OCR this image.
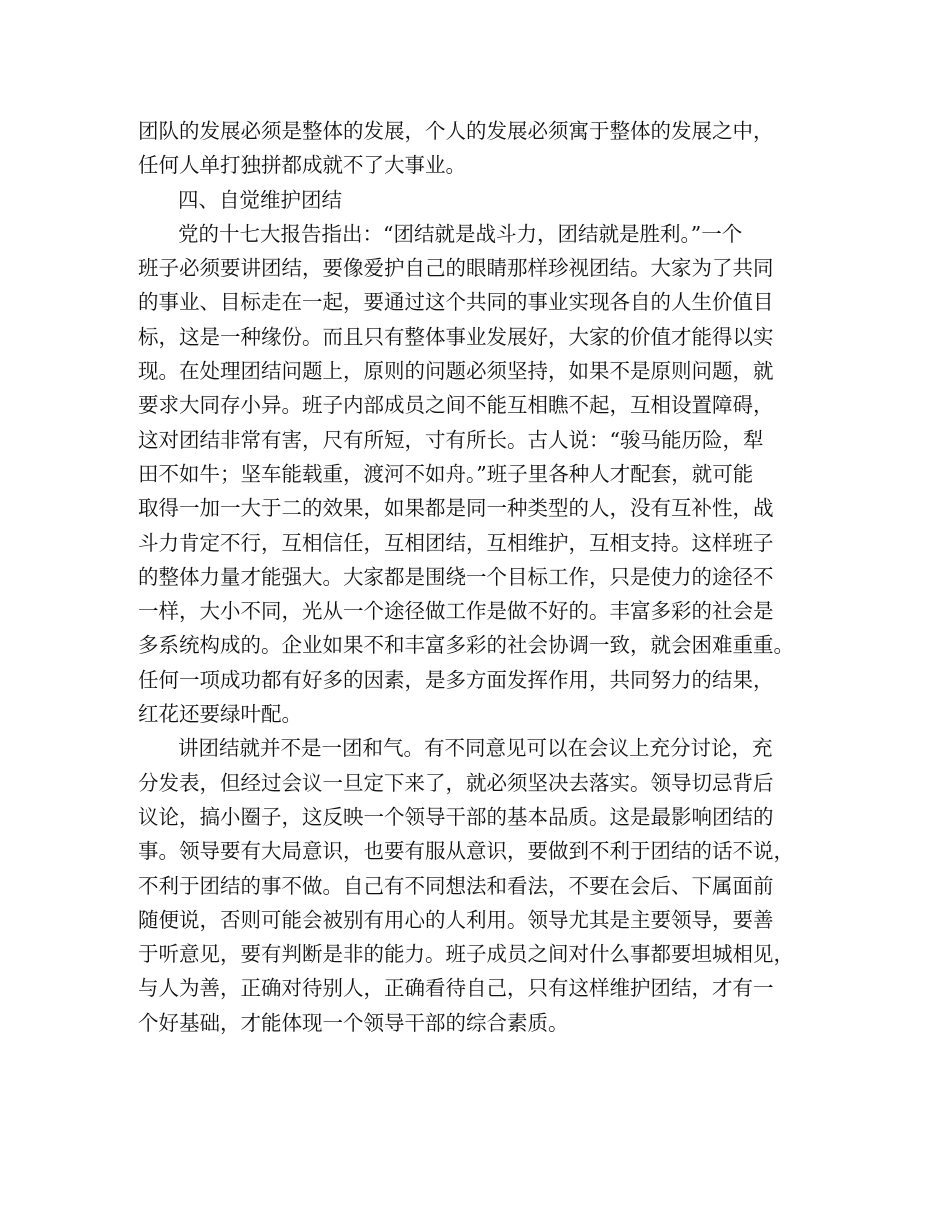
团队的发展必须是整体的发展，个人的发展必须寓于整体的发展之中，
任何人单打独拼都成就不了大事业。
四、自觉维护团结
党的十七大报告指出：“团结就是战斗力，团结就是胜利。”一个
班子必须要讲团结，要像爱护自己的眼睛那样珍视团结。大家为了共同
的事业、目标走在一起，要通过这个共同的事业实现各自的人生价值目
标，这是一种缘份。而且只有整体事业发展好，大家的价值才能得以实
现。在处理团结问题上，原则的问题必须坚持，如果不是原则问题，就
要求大同存小异。班子内部成员之间不能互相瞧不起，互相设置障碍，
这对团结非常有害，尺有所短，寸有所长。古人说：“骏马能历险，犁
田不如牛；坚车能载重，渡河不如舟。”班子里各种人才配套，就可能
取得一加一大于二的效果，如果都是同一种类型的人，没有互补性，战
斗力肯定不行，互相信任，互相团结，互相维护，互相支持。这样班子
的整体力量才能强大。大家都是围绕一个目标工作，只是使力的途径不
一样，大小不同，光从一个途径做工作是做不好的。丰富多彩的社会是
多系统构成的。企业如果不和丰富多彩的社会协调一致，就会困难重重。
任何一项成功都有好多的因素，是多方面发挥作用，共同努力的结果，
红花还要绿叶配。
讲团结就并不是一团和气。有不同意见可以在会议上充分讨论，充
分发表，但经过会议一旦定下来了，就必须坚决去落实。领导切忌背后
议论，搞小圈子，这反映一个领导干部的基本品质。这是最影响团结的
事。领导要有大局意识，也要有服从意识，要做到不利于团结的话不说，
不利于团结的事不做。自己有不同想法和看法，不要在会后、下属面前
随便说，否则可能会被别有用心的人利用。领导尤其是主要领导，要善
于听意见，要有判断是非的能力。班子成员之间对什么事都要坦城相见，
与人为善，正确对待别人，正确看待自己，只有这样维护团结，才有一
个好基础，才能体现一个领导干部的综合素质。
